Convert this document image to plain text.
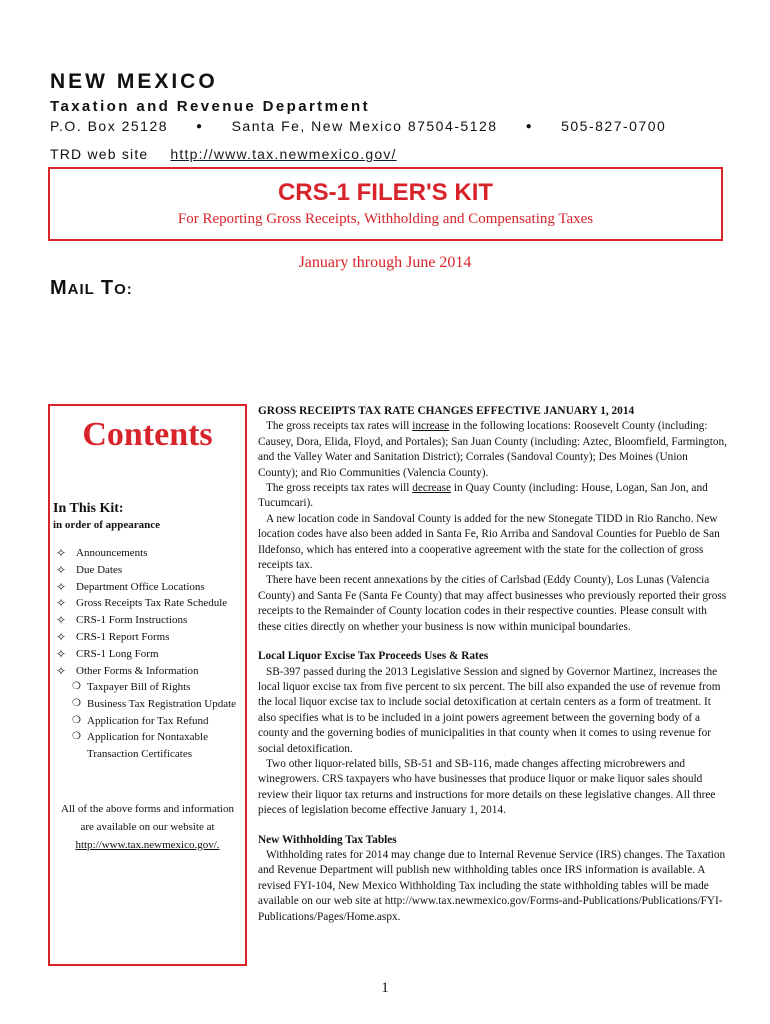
NEW MEXICO
Taxation and Revenue Department
P.O. Box 25128	● Santa Fe, New Mexico 87504-5128	● 505-827-0700
TRD web site http://www.tax.newmexico.gov/
CRS-1 FILER'S KIT
For Reporting Gross Receipts, Withholding and Compensating Taxes
January through June 2014
MAIL TO:
Contents
In This Kit:
in order of appearance
✧ Announcements
✧ Due Dates
✧ Department Office Locations
✧ Gross Receipts Tax Rate Schedule
✧ CRS-1 Form Instructions
✧ CRS-1 Report Forms
✧ CRS-1 Long Form
✧ Other Forms & Information
❍ Taxpayer Bill of Rights
❍ Business Tax Registration Update
❍ Application for Tax Refund
❍ Application for Nontaxable Transaction Certificates
All of the above forms and information are available on our website at
http://www.tax.newmexico.gov/.

GROSS RECEIPTS TAX RATE CHANGES EFFECTIVE JANUARY 1, 2014

The gross receipts tax rates will increase in the following locations: Roosevelt County (including: Causey, Dora, Elida, Floyd, and Portales); San Juan County (including: Aztec, Bloomfield, Farmington, and the Valley Water and Sanitation District); Corrales (Sandoval County); Des Moines (Union County); and Rio Communities (Valencia County).

The gross receipts tax rates will decrease in Quay County (including: House, Logan, San Jon, and Tucumcari).

A new location code in Sandoval County is added for the new Stonegate TIDD in Rio Rancho. New location codes have also been added in Santa Fe, Rio Arriba and Sandoval Counties for Pueblo de San Ildefonso, which has entered into a cooperative agreement with the state for the collection of gross receipts tax.

There have been recent annexations by the cities of Carlsbad (Eddy County), Los Lunas (Valencia County) and Santa Fe (Santa Fe County) that may affect businesses who previously reported their gross receipts to the Remainder of County location codes in their respective counties. Please consult with these cities directly on whether your business is now within municipal boundaries.

Local Liquor Excise Tax Proceeds Uses & Rates

SB-397 passed during the 2013 Legislative Session and signed by Governor Martinez, increases the local liquor excise tax from five percent to six percent. The bill also expanded the use of revenue from the local liquor excise tax to include social detoxification at certain centers as a form of treatment. It also specifies what is to be included in a joint powers agreement between the governing body of a county and the governing bodies of municipalities in that county when it comes to using revenue for social detoxification.

Two other liquor-related bills, SB-51 and SB-116, made changes affecting microbrewers and winegrowers. CRS taxpayers who have businesses that produce liquor or make liquor sales should review their liquor tax returns and instructions for more details on these legislative changes. All three pieces of legislation become effective January 1, 2014.

New Withholding Tax Tables

Withholding rates for 2014 may change due to Internal Revenue Service (IRS) changes. The Taxation and Revenue Department will publish new withholding tables once IRS information is available. A revised FYI-104, New Mexico Withholding Tax including the state withholding tables will be made available on our web site at http://www.tax.newmexico.gov/Forms-and-Publications/Publications/FYI-Publications/Pages/Home.aspx.

1
